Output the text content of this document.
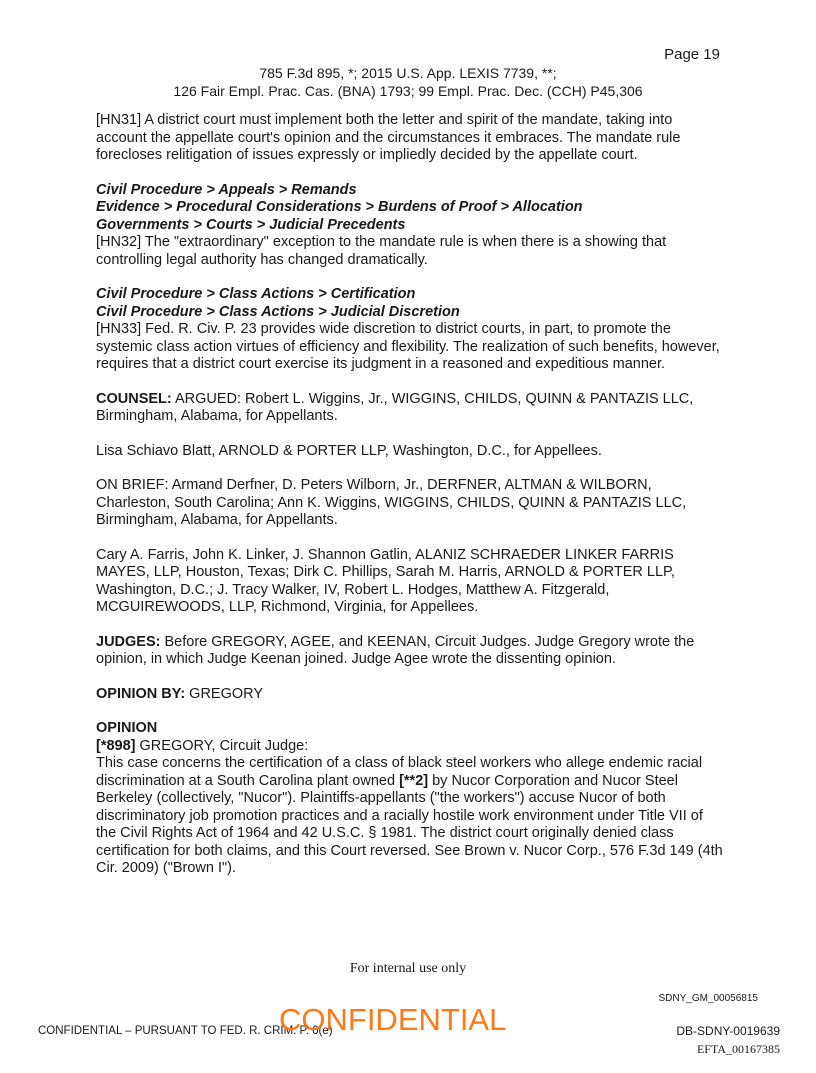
Page 19
785 F.3d 895, *; 2015 U.S. App. LEXIS 7739, **;
126 Fair Empl. Prac. Cas. (BNA) 1793; 99 Empl. Prac. Dec. (CCH) P45,306

[HN31] A district court must implement both the letter and spirit of the mandate, taking into account the appellate court's opinion and the circumstances it embraces. The mandate rule forecloses relitigation of issues expressly or impliedly decided by the appellate court.

Civil Procedure > Appeals > Remands

Evidence > Procedural Considerations > Burdens of Proof > Allocation

Governments > Courts > Judicial Precedents

[HN32] The "extraordinary" exception to the mandate rule is when there is a showing that controlling legal authority has changed dramatically.

Civil Procedure > Class Actions > Certification

Civil Procedure > Class Actions > Judicial Discretion

[HN33] Fed. R. Civ. P. 23 provides wide discretion to district courts, in part, to promote the systemic class action virtues of efficiency and flexibility. The realization of such benefits, however, requires that a district court exercise its judgment in a reasoned and expeditious manner.

COUNSEL: ARGUED: Robert L. Wiggins, Jr., WIGGINS, CHILDS, QUINN & PANTAZIS LLC, Birmingham, Alabama, for Appellants.

Lisa Schiavo Blatt, ARNOLD & PORTER LLP, Washington, D.C., for Appellees.

ON BRIEF: Armand Derfner, D. Peters Wilborn, Jr., DERFNER, ALTMAN & WILBORN, Charleston, South Carolina; Ann K. Wiggins, WIGGINS, CHILDS, QUINN & PANTAZIS LLC, Birmingham, Alabama, for Appellants.

Cary A. Farris, John K. Linker, J. Shannon Gatlin, ALANIZ SCHRAEDER LINKER FARRIS MAYES, LLP, Houston, Texas; Dirk C. Phillips, Sarah M. Harris, ARNOLD & PORTER LLP, Washington, D.C.; J. Tracy Walker, IV, Robert L. Hodges, Matthew A. Fitzgerald, MCGUIREWOODS, LLP, Richmond, Virginia, for Appellees.

JUDGES: Before GREGORY, AGEE, and KEENAN, Circuit Judges. Judge Gregory wrote the opinion, in which Judge Keenan joined. Judge Agee wrote the dissenting opinion.

OPINION BY: GREGORY

OPINION

[*898] GREGORY, Circuit Judge:

This case concerns the certification of a class of black steel workers who allege endemic racial discrimination at a South Carolina plant owned [**2] by Nucor Corporation and Nucor Steel Berkeley (collectively, "Nucor"). Plaintiffs-appellants ("the workers") accuse Nucor of both discriminatory job promotion practices and a racially hostile work environment under Title VII of the Civil Rights Act of 1964 and 42 U.S.C. § 1981. The district court originally denied class certification for both claims, and this Court reversed. See Brown v. Nucor Corp., 576 F.3d 149 (4th Cir. 2009) ("Brown I").

For internal use only
SDNY_GM_00056815
CONFIDENTIAL – PURSUANT TO FED. R. CRIM. P. 6(e)
CONFIDENTIAL	DB-SDNY-0019639
EFTA_00167385
